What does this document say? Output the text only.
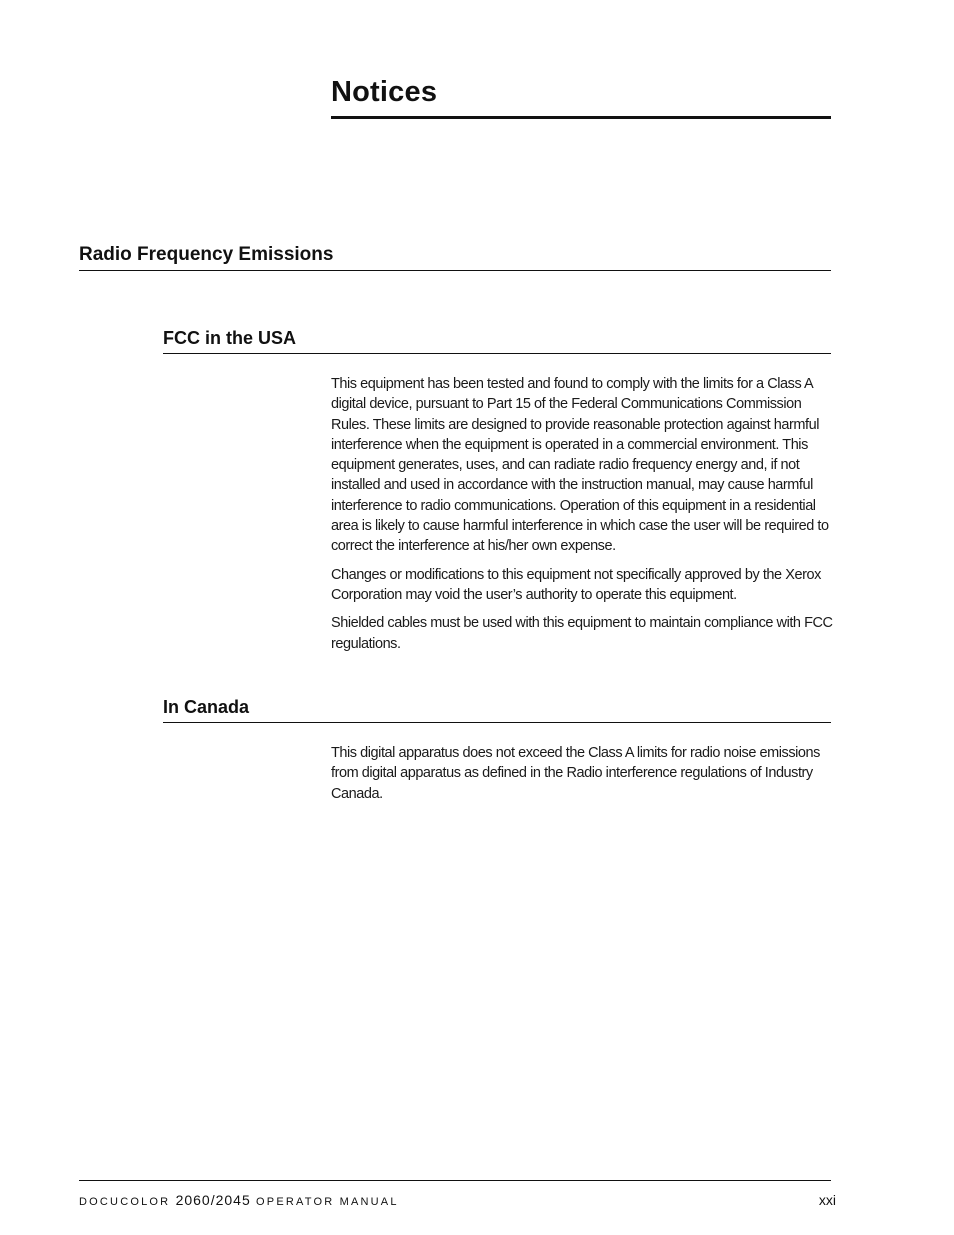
Notices
Radio Frequency Emissions
FCC in the USA

This equipment has been tested and found to comply with the limits for a Class A digital device, pursuant to Part 15 of the Federal Communications Commission Rules. These limits are designed to provide reasonable protection against harmful interference when the equipment is operated in a commercial environment. This equipment generates, uses, and can radiate radio frequency energy and, if not installed and used in accordance with the instruction manual, may cause harmful interference to radio communications. Operation of this equipment in a residential area is likely to cause harmful interference in which case the user will be required to correct the interference at his/her own expense.

Changes or modifications to this equipment not specifically approved by the Xerox Corporation may void the user’s authority to operate this equipment.

Shielded cables must be used with this equipment to maintain compliance with FCC regulations.

In Canada

This digital apparatus does not exceed the Class A limits for radio noise emissions from digital apparatus as defined in the Radio interference regulations of Industry Canada.

DOCUCOLOR 2060/2045 OPERATOR MANUAL	xxi
